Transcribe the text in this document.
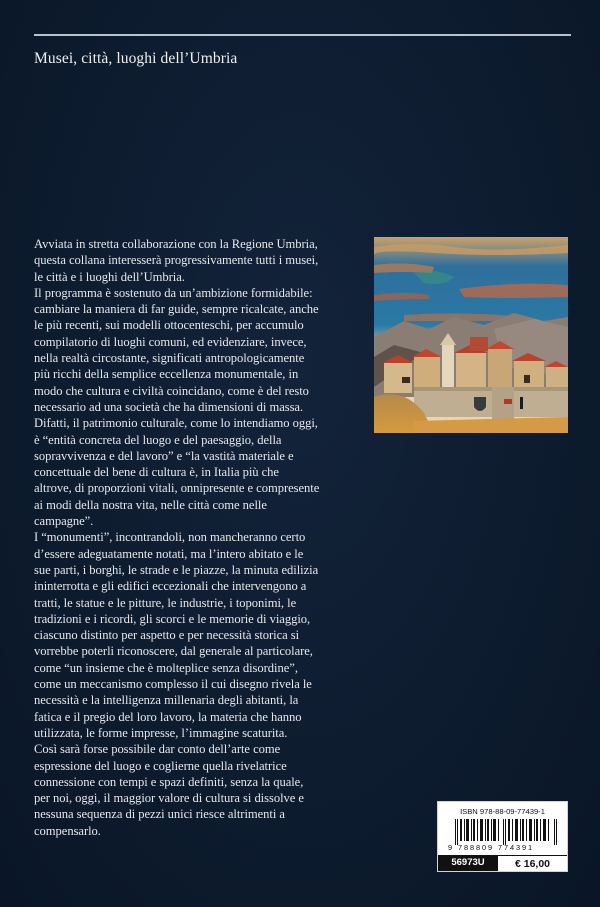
Musei, città, luoghi dell’Umbria

Avviata in stretta collaborazione con la Regione Umbria,

questa collana interesserà progressivamente tutti i musei,

le città e i luoghi dell’Umbria.

Il programma è sostenuto da un’ambizione formidabile:

cambiare la maniera di far guide, sempre ricalcate, anche

le più recenti, sui modelli ottocenteschi, per accumulo

compilatorio di luoghi comuni, ed evidenziare, invece,

nella realtà circostante, significati antropologicamente

più ricchi della semplice eccellenza monumentale, in

modo che cultura e civiltà coincidano, come è del resto

necessario ad una società che ha dimensioni di massa.

Difatti, il patrimonio culturale, come lo intendiamo oggi,

è “entità concreta del luogo e del paesaggio, della

sopravvivenza e del lavoro” e “la vastità materiale e

concettuale del bene di cultura è, in Italia più che

altrove, di proporzioni vitali, onnipresente e compresente

ai modi della nostra vita, nelle città come nelle

campagne”.

I “monumenti”, incontrandoli, non mancheranno certo

d’essere adeguatamente notati, ma l’intero abitato e le

sue parti, i borghi, le strade e le piazze, la minuta edilizia

ininterrotta e gli edifici eccezionali che intervengono a

tratti, le statue e le pitture, le industrie, i toponimi, le

tradizioni e i ricordi, gli scorci e le memorie di viaggio,

ciascuno distinto per aspetto e per necessità storica si

vorrebbe poterli riconoscere, dal generale al particolare,

come “un insieme che è molteplice senza disordine”,

come un meccanismo complesso il cui disegno rivela le

necessità e la intelligenza millenaria degli abitanti, la

fatica e il pregio del loro lavoro, la materia che hanno

utilizzata, le forme impresse, l’immagine scaturita.

Così sarà forse possibile dar conto dell’arte come

espressione del luogo e coglierne quella rivelatrice

connessione con tempi e spazi definiti, senza la quale,

per noi, oggi, il maggior valore di cultura si dissolve e

nessuna sequenza di pezzi unici riesce altrimenti a

compensarlo.

ISBN 978-88-09-77439-1
9 788809 774391
56973U	€ 16,00
